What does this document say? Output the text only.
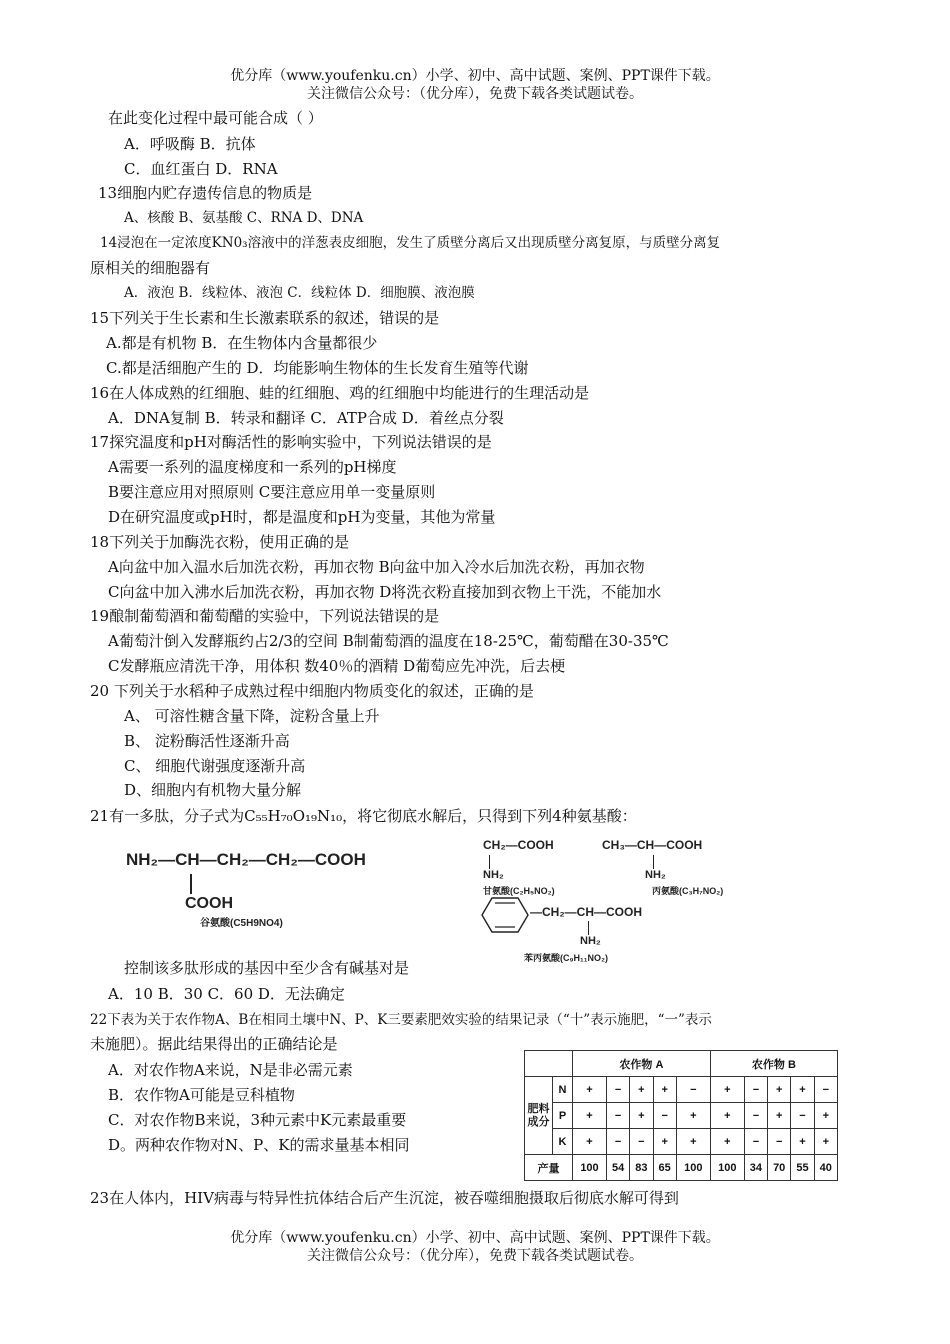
优分库（www.youfenku.cn）小学、初中、高中试题、案例、PPT课件下载。
关注微信公众号：（优分库），免费下载各类试题试卷。
在此变化过程中最可能合成（ ）
A．呼吸酶 B．抗体
C．血红蛋白 D．RNA
13细胞内贮存遗传信息的物质是
A、核酸 B、氨基酸 C、RNA D、DNA
14浸泡在一定浓度KN0₃溶液中的洋葱表皮细胞，发生了质壁分离后又出现质壁分离复原，与质壁分离复
原相关的细胞器有
A．液泡 B．线粒体、液泡 C．线粒体 D．细胞膜、液泡膜
15下列关于生长素和生长激素联系的叙述，错误的是
A.都是有机物 B．在生物体内含量都很少
C.都是活细胞产生的 D．均能影响生物体的生长发育生殖等代谢
16在人体成熟的红细胞、蛙的红细胞、鸡的红细胞中均能进行的生理活动是
A．DNA复制 B．转录和翻译 C．ATP合成 D．着丝点分裂
17探究温度和pH对酶活性的影响实验中，下列说法错误的是
A需要一系列的温度梯度和一系列的pH梯度
B要注意应用对照原则 C要注意应用单一变量原则
D在研究温度或pH时，都是温度和pH为变量，其他为常量
18下列关于加酶洗衣粉，使用正确的是
A向盆中加入温水后加洗衣粉，再加衣物 B向盆中加入冷水后加洗衣粉，再加衣物
C向盆中加入沸水后加洗衣粉，再加衣物 D将洗衣粉直接加到衣物上干洗，不能加水
19酿制葡萄酒和葡萄醋的实验中，下列说法错误的是
A葡萄汁倒入发酵瓶约占2/3的空间 B制葡萄酒的温度在18-25℃，葡萄醋在30-35℃
C发酵瓶应清洗干净，用体积 数40％的酒精 D葡萄应先冲洗，后去梗
20 下列关于水稻种子成熟过程中细胞内物质变化的叙述，正确的是
A、 可溶性糖含量下降，淀粉含量上升
B、 淀粉酶活性逐渐升高
C、 细胞代谢强度逐渐升高
D、细胞内有机物大量分解
21有一多肽，分子式为C₅₅H₇₀O₁₉N₁₀，将它彻底水解后，只得到下列4种氨基酸：
NH₂—CH—CH₂—CH₂—COOH
COOH
谷氨酸(C5H9NO4)
CH₂—COOH
NH₂
甘氨酸(C₂H₅NO₂)
CH₃—CH—COOH
NH₂
丙氨酸(C₃H₇NO₂)
—CH₂—CH—COOH
NH₂
苯丙氨酸(C₉H₁₁NO₂)
控制该多肽形成的基因中至少含有碱基对是
A．10 B．30 C．60 D．无法确定
22下表为关于农作物A、B在相同土壤中N、P、K三要素肥效实验的结果记录（“十”表示施肥，“一”表示
未施肥）。据此结果得出的正确结论是
A．对农作物A来说，N是非必需元素
B．农作物A可能是豆科植物
C．对农作物B来说，3种元素中K元素最重要
D。两种农作物对N、P、K的需求量基本相同
		农作物 A					农作物 B				
肥料成分	N	+	−	+	+	−	+	−	+	+	−
	P	+	−	+	−	+	+	−	+	−	+
	K	+	−	−	+	+	+	−	−	+	+
产量		100	54	83	65	100	100	34	70	55	40
23在人体内，HIV病毒与特异性抗体结合后产生沉淀，被吞噬细胞摄取后彻底水解可得到
优分库（www.youfenku.cn）小学、初中、高中试题、案例、PPT课件下载。
关注微信公众号：（优分库），免费下载各类试题试卷。
